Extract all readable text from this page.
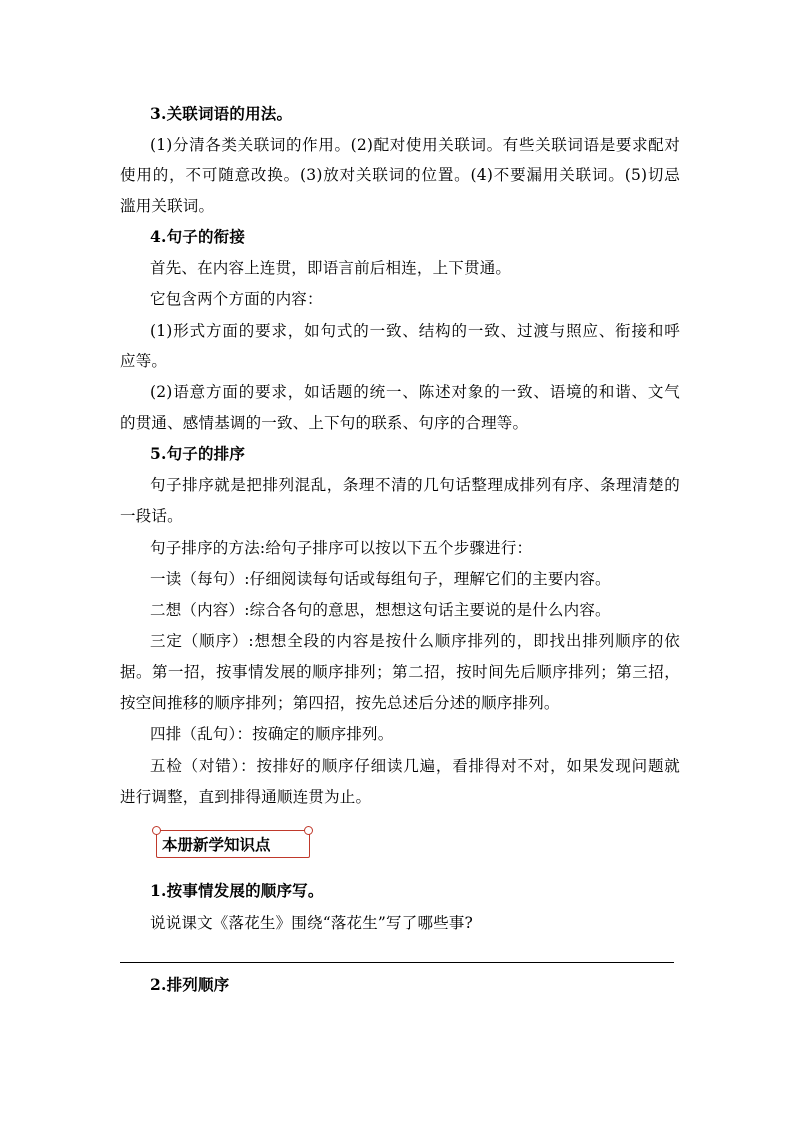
3.关联词语的用法。
(1)分清各类关联词的作用。(2)配对使用关联词。有些关联词语是要求配对
使用的，不可随意改换。(3)放对关联词的位置。(4)不要漏用关联词。(5)切忌
滥用关联词。
4.句子的衔接
首先、在内容上连贯，即语言前后相连，上下贯通。
它包含两个方面的内容：
(1)形式方面的要求，如句式的一致、结构的一致、过渡与照应、衔接和呼
应等。
(2)语意方面的要求，如话题的统一、陈述对象的一致、语境的和谐、文气
的贯通、感情基调的一致、上下句的联系、句序的合理等。
5.句子的排序
句子排序就是把排列混乱，条理不清的几句话整理成排列有序、条理清楚的
一段话。
句子排序的方法:给句子排序可以按以下五个步骤进行：
一读（每句）:仔细阅读每句话或每组句子，理解它们的主要内容。
二想（内容）:综合各句的意思，想想这句话主要说的是什么内容。
三定（顺序）:想想全段的内容是按什么顺序排列的，即找出排列顺序的依
据。第一招，按事情发展的顺序排列；第二招，按时间先后顺序排列；第三招，
按空间推移的顺序排列；第四招，按先总述后分述的顺序排列。
四排（乱句）：按确定的顺序排列。
五检（对错）：按排好的顺序仔细读几遍，看排得对不对，如果发现问题就
进行调整，直到排得通顺连贯为止。
本册新学知识点
1.按事情发展的顺序写。
说说课文《落花生》围绕“落花生”写了哪些事?
2.排列顺序
